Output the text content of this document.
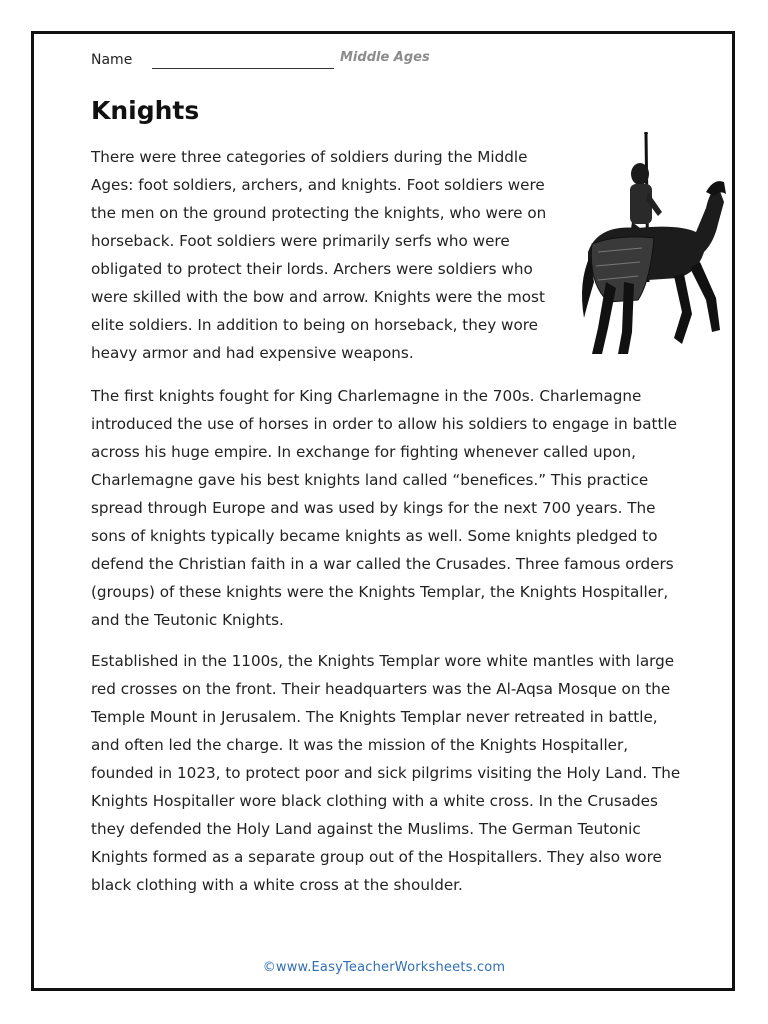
Name	Middle Ages
Knights

There were three categories of soldiers during the Middle Ages: foot soldiers, archers, and knights. Foot soldiers were the men on the ground protecting the knights, who were on horseback. Foot soldiers were primarily serfs who were obligated to protect their lords. Archers were soldiers who were skilled with the bow and arrow. Knights were the most elite soldiers. In addition to being on horseback, they wore heavy armor and had expensive weapons.

The first knights fought for King Charlemagne in the 700s. Charlemagne introduced the use of horses in order to allow his soldiers to engage in battle across his huge empire. In exchange for fighting whenever called upon, Charlemagne gave his best knights land called “benefices.” This practice spread through Europe and was used by kings for the next 700 years. The sons of knights typically became knights as well. Some knights pledged to defend the Christian faith in a war called the Crusades. Three famous orders (groups) of these knights were the Knights Templar, the Knights Hospitaller, and the Teutonic Knights.

Established in the 1100s, the Knights Templar wore white mantles with large red crosses on the front. Their headquarters was the Al-Aqsa Mosque on the Temple Mount in Jerusalem. The Knights Templar never retreated in battle, and often led the charge. It was the mission of the Knights Hospitaller, founded in 1023, to protect poor and sick pilgrims visiting the Holy Land. The Knights Hospitaller wore black clothing with a white cross. In the Crusades they defended the Holy Land against the Muslims. The German Teutonic Knights formed as a separate group out of the Hospitallers. They also wore black clothing with a white cross at the shoulder.

©www.EasyTeacherWorksheets.com
